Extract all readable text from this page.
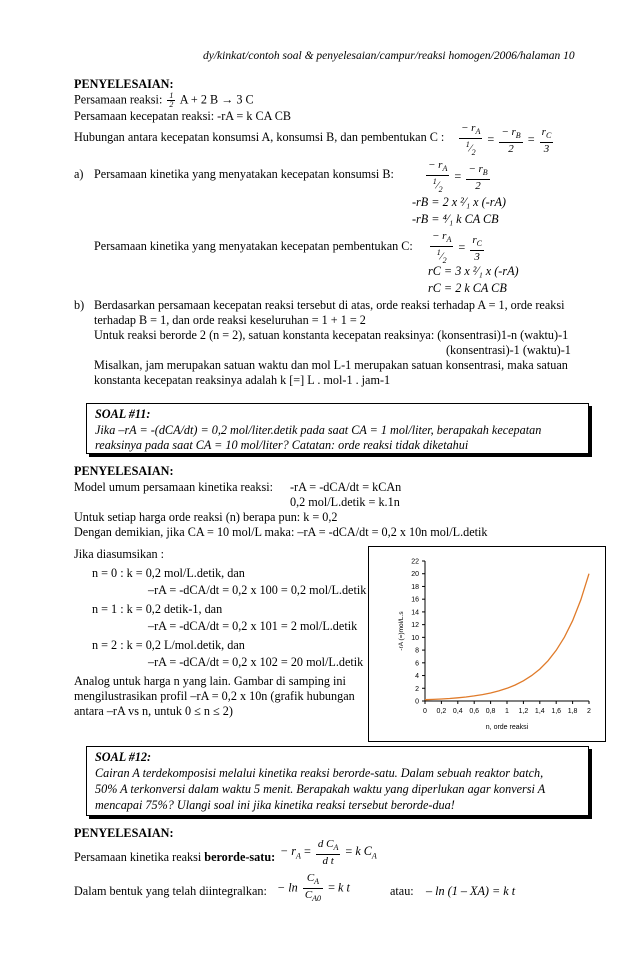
dy/kinkat/contoh soal & penyelesaian/campur/reaksi homogen/2006/halaman 10
PENYELESAIAN:
Persamaan reaksi: $\frac{1}{2}$ A + 2 B → 3 C
Persamaan kecepatan reaksi: -rA = k CA CB
Hubungan antara kecepatan konsumsi A, konsumsi B, dan pembentukan C : $\frac{- r_A}{^1⁄_2} = \frac{- r_B}{2} = \frac{r_C}{3}$
a) Persamaan kinetika yang menyatakan kecepatan konsumsi B:	$\frac{- r_A}{^1⁄_2} = \frac{- r_B}{2}$
-rB = 2 x ²⁄₁ x (-rA)
-rB = ⁴⁄₁ k CA CB
Persamaan kinetika yang menyatakan kecepatan pembentukan C: $\frac{- r_A}{^1⁄_2} = \frac{r_C}{3}$
rC = 3 x ²⁄₁ x (-rA)
rC = 2 k CA CB
b) Berdasarkan persamaan kecepatan reaksi tersebut di atas, orde reaksi terhadap A = 1, orde reaksi
terhadap B = 1, dan orde reaksi keseluruhan = 1 + 1 = 2
Untuk reaksi berorde 2 (n = 2), satuan konstanta kecepatan reaksinya: (konsentrasi)1-n (waktu)-1
(konsentrasi)-1 (waktu)-1
Misalkan, jam merupakan satuan waktu dan mol L-1 merupakan satuan konsentrasi, maka satuan
konstanta kecepatan reaksinya adalah k [=] L . mol-1 . jam-1
SOAL #11:
Jika –rA = -(dCA/dt) = 0,2 mol/liter.detik pada saat CA = 1 mol/liter, berapakah kecepatan
reaksinya pada saat CA = 10 mol/liter? Catatan: orde reaksi tidak diketahui
PENYELESAIAN:
Model umum persamaan kinetika reaksi: -rA = -dCA/dt = kCAn
0,2 mol/L.detik = k.1n
Untuk setiap harga orde reaksi (n) berapa pun: k = 0,2
Dengan demikian, jika CA = 10 mol/L maka: –rA = -dCA/dt = 0,2 x 10n mol/L.detik
Jika diasumsikan :
n = 0 : k = 0,2 mol/L.detik, dan
–rA = -dCA/dt = 0,2 x 100 = 0,2 mol/L.detik
n = 1 : k = 0,2 detik-1, dan
–rA = -dCA/dt = 0,2 x 101 = 2 mol/L.detik
n = 2 : k = 0,2 L/mol.detik, dan
–rA = -dCA/dt = 0,2 x 102 = 20 mol/L.detik
Analog untuk harga n yang lain. Gambar di samping ini
mengilustrasikan profil –rA = 0,2 x 10n (grafik hubungan
antara –rA vs n, untuk 0 ≤ n ≤ 2)
0
2
4
6
8
10
12
14
16
18
20
22
0 0,2 0,4 0,6 0,8 1 1,2 1,4 1,6 1,8 2
n, orde reaksi
-rA (=)mol/L.s
SOAL #12:
Cairan A terdekomposisi melalui kinetika reaksi berorde-satu. Dalam sebuah reaktor batch,
50% A terkonversi dalam waktu 5 menit. Berapakah waktu yang diperlukan agar konversi A
mencapai 75%? Ulangi soal ini jika kinetika reaksi tersebut berorde-dua!
PENYELESAIAN:
Persamaan kinetika reaksi berorde-satu: − $r_A = \frac{d C_A}{\text{d t}} = k$ $C_A$
Dalam bentuk yang telah diintegralkan: − $\ln \frac{C_A}{C_{A0}} = k$ t	atau: – ln (1 – XA) = k t
